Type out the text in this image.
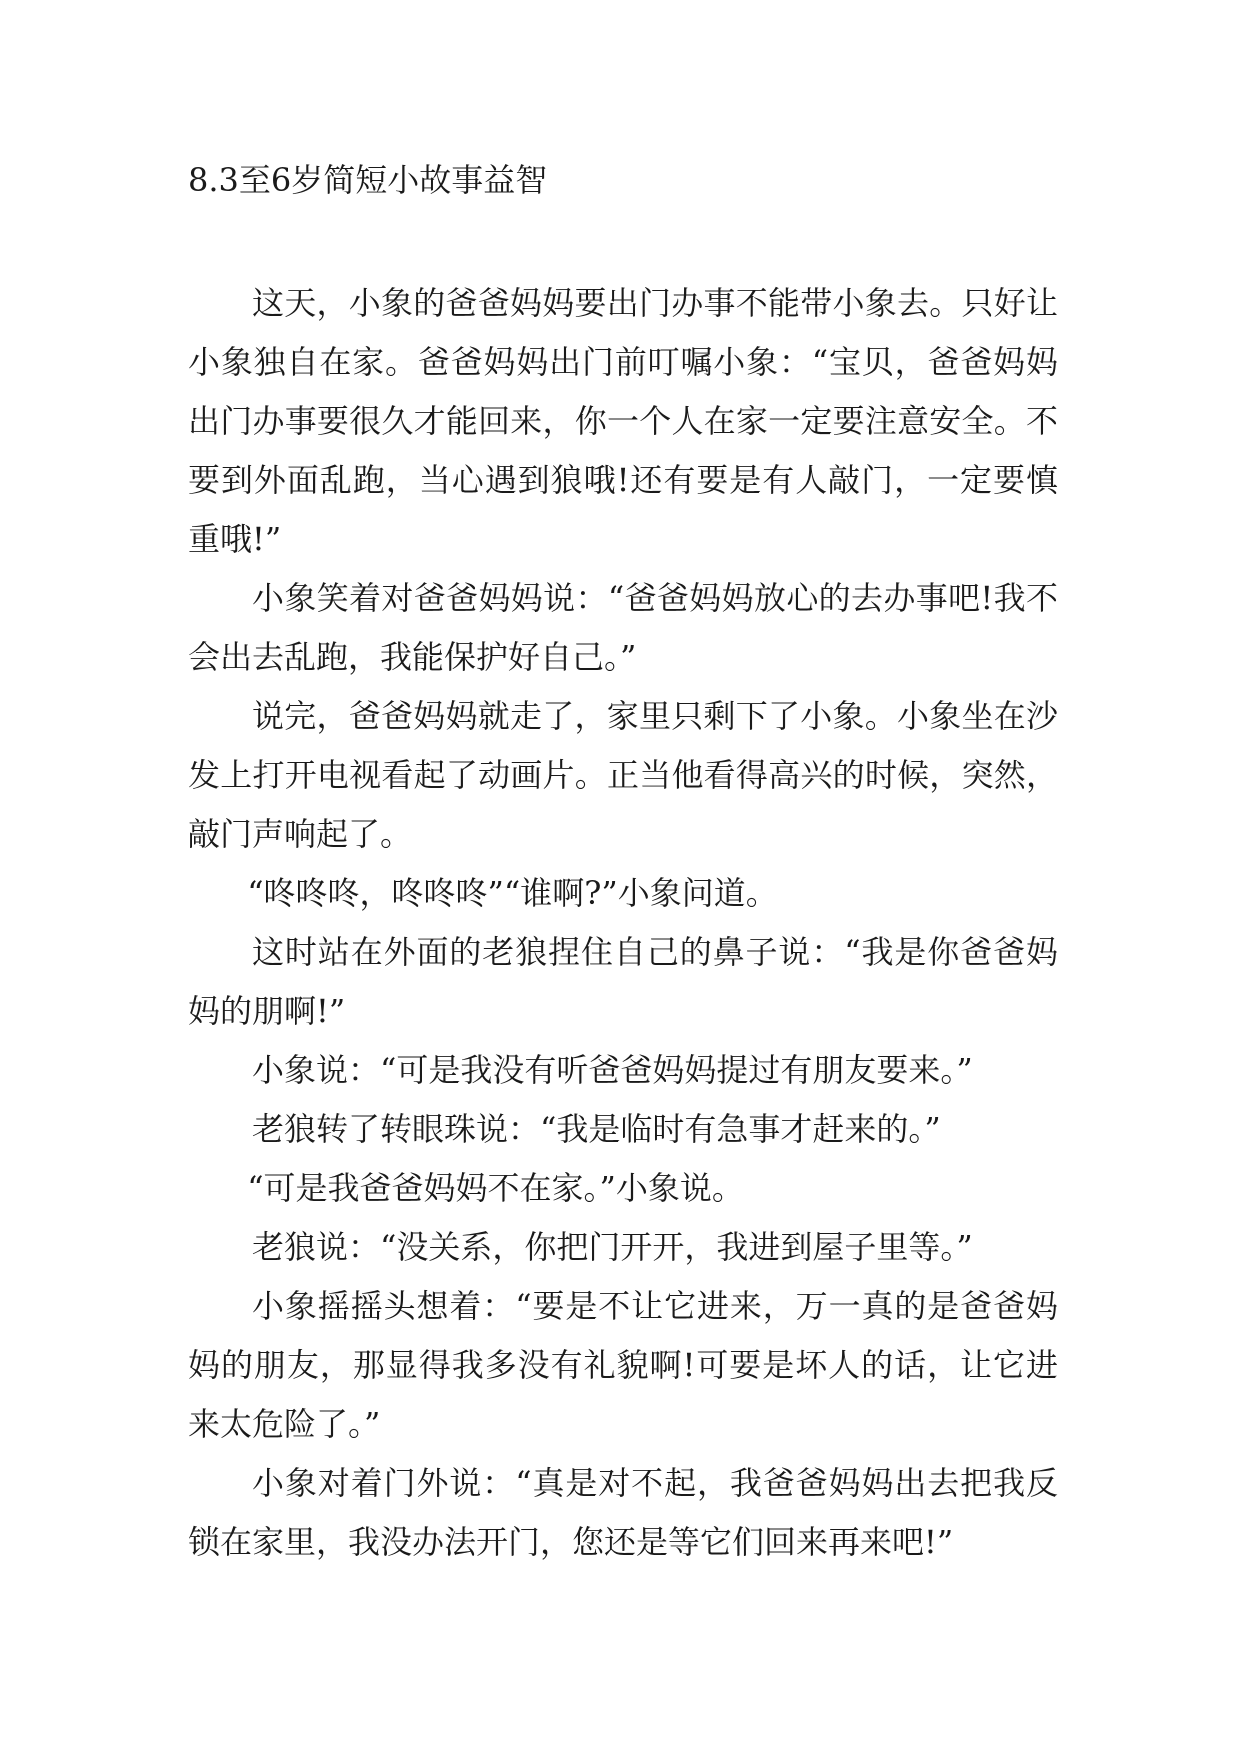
8.3至6岁简短小故事益智

这天，小象的爸爸妈妈要出门办事不能带小象去。只好让小象独自在家。爸爸妈妈出门前叮嘱小象：“宝贝，爸爸妈妈出门办事要很久才能回来，你一个人在家一定要注意安全。不要到外面乱跑，当心遇到狼哦!还有要是有人敲门，一定要慎重哦!”

小象笑着对爸爸妈妈说：“爸爸妈妈放心的去办事吧!我不会出去乱跑，我能保护好自己。”

说完，爸爸妈妈就走了，家里只剩下了小象。小象坐在沙发上打开电视看起了动画片。正当他看得高兴的时候，突然，敲门声响起了。

“咚咚咚，咚咚咚”“谁啊?”小象问道。

这时站在外面的老狼捏住自己的鼻子说：“我是你爸爸妈妈的朋啊!”

小象说：“可是我没有听爸爸妈妈提过有朋友要来。”

老狼转了转眼珠说：“我是临时有急事才赶来的。”

“可是我爸爸妈妈不在家。”小象说。

老狼说：“没关系，你把门开开，我进到屋子里等。”

小象摇摇头想着：“要是不让它进来，万一真的是爸爸妈妈的朋友，那显得我多没有礼貌啊!可要是坏人的话，让它进来太危险了。”

小象对着门外说：“真是对不起，我爸爸妈妈出去把我反锁在家里，我没办法开门，您还是等它们回来再来吧!”
